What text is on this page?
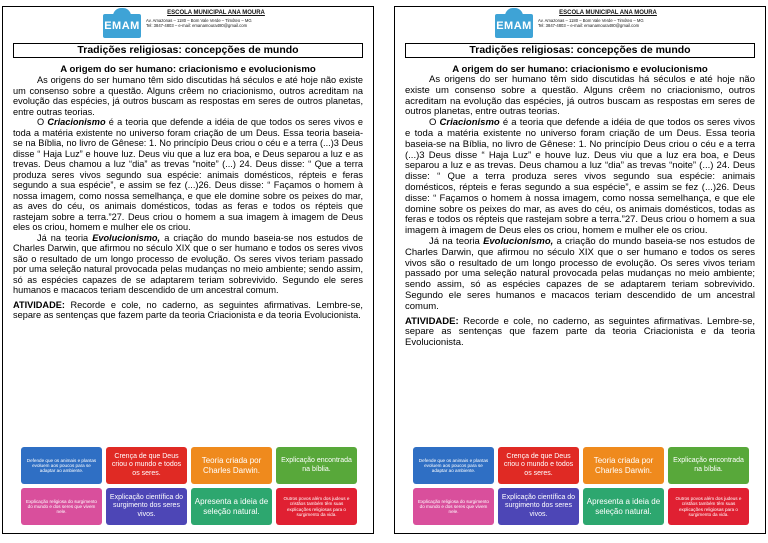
EMAM
ESCOLA MUNICIPAL ANA MOURA
Av. Amazonas – 1180 – Bom Vale Verde – Timóteo – MG
Tel: 3847-4803 – e-mail: emanamoura480@gmail.com
Tradições religiosas: concepções de mundo
A origem do ser humano: criacionismo e evolucionismo

As origens do ser humano têm sido discutidas há séculos e até hoje não existe um consenso sobre a questão. Alguns crêem no criacionismo, outros acreditam na evolução das espécies, já outros buscam as respostas em seres de outros planetas, entre outras teorias.

O Criacionismo é a teoria que defende a idéia de que todos os seres vivos e toda a matéria existente no universo foram criação de um Deus. Essa teoria baseia-se na Bíblia, no livro de Gênese: 1. No princípio Deus criou o céu e a terra (...)3 Deus disse “ Haja Luz” e houve luz. Deus viu que a luz era boa, e Deus separou a luz e as trevas. Deus chamou a luz “dia” as trevas “noite” (...) 24. Deus disse: “ Que a terra produza seres vivos segundo sua espécie: animais domésticos, répteis e feras segundo a sua espécie”, e assim se fez (...)26. Deus disse: “ Façamos o homem à nossa imagem, como nossa semelhança, e que ele domine sobre os peixes do mar, as aves do céu, os animais domésticos, todas as feras e todos os répteis que rastejam sobre a terra.”27. Deus criou o homem a sua imagem à imagem de Deus eles os criou, homem e mulher ele os criou.

Já na teoria Evolucionismo, a criação do mundo baseia-se nos estudos de Charles Darwin, que afirmou no século XIX que o ser humano e todos os seres vivos são o resultado de um longo processo de evolução. Os seres vivos teriam passado por uma seleção natural provocada pelas mudanças no meio ambiente; sendo assim, só as espécies capazes de se adaptarem teriam sobrevivido. Segundo ele seres humanos e macacos teriam descendido de um ancestral comum.

ATIVIDADE: Recorde e cole, no caderno, as seguintes afirmativas. Lembre-se, separe as sentenças que fazem parte da teoria Criacionista e da teoria Evolucionista.

Defende que os animais e plantas evoluem aos poucos para se adaptar ao ambiente.
Crença de que Deus criou o mundo e todos os seres.
Teoria criada por Charles Darwin.
Explicação encontrada na bíblia.
Explicação religiosa do surgimento do mundo e dos seres que vivem nele.
Explicação científica do surgimento dos seres vivos.
Apresenta a ideia de seleção natural.
Outros povos além dos judeus e cristãos também têm suas explicações religiosas para o surgimento da vida.
EMAM
ESCOLA MUNICIPAL ANA MOURA
Av. Amazonas – 1180 – Bom Vale Verde – Timóteo – MG
Tel: 3847-4803 – e-mail: emanamoura480@gmail.com
Tradições religiosas: concepções de mundo
A origem do ser humano: criacionismo e evolucionismo

As origens do ser humano têm sido discutidas há séculos e até hoje não existe um consenso sobre a questão. Alguns crêem no criacionismo, outros acreditam na evolução das espécies, já outros buscam as respostas em seres de outros planetas, entre outras teorias.

O Criacionismo é a teoria que defende a idéia de que todos os seres vivos e toda a matéria existente no universo foram criação de um Deus. Essa teoria baseia-se na Bíblia, no livro de Gênese: 1. No princípio Deus criou o céu e a terra (...)3 Deus disse “ Haja Luz” e houve luz. Deus viu que a luz era boa, e Deus separou a luz e as trevas. Deus chamou a luz “dia” as trevas “noite” (...) 24. Deus disse: “ Que a terra produza seres vivos segundo sua espécie: animais domésticos, répteis e feras segundo a sua espécie”, e assim se fez (...)26. Deus disse: “ Façamos o homem à nossa imagem, como nossa semelhança, e que ele domine sobre os peixes do mar, as aves do céu, os animais domésticos, todas as feras e todos os répteis que rastejam sobre a terra.”27. Deus criou o homem a sua imagem à imagem de Deus eles os criou, homem e mulher ele os criou.

Já na teoria Evolucionismo, a criação do mundo baseia-se nos estudos de Charles Darwin, que afirmou no século XIX que o ser humano e todos os seres vivos são o resultado de um longo processo de evolução. Os seres vivos teriam passado por uma seleção natural provocada pelas mudanças no meio ambiente; sendo assim, só as espécies capazes de se adaptarem teriam sobrevivido. Segundo ele seres humanos e macacos teriam descendido de um ancestral comum.

ATIVIDADE: Recorde e cole, no caderno, as seguintes afirmativas. Lembre-se, separe as sentenças que fazem parte da teoria Criacionista e da teoria Evolucionista.

Defende que os animais e plantas evoluem aos poucos para se adaptar ao ambiente.
Crença de que Deus criou o mundo e todos os seres.
Teoria criada por Charles Darwin.
Explicação encontrada na bíblia.
Explicação religiosa do surgimento do mundo e dos seres que vivem nele.
Explicação científica do surgimento dos seres vivos.
Apresenta a ideia de seleção natural.
Outros povos além dos judeus e cristãos também têm suas explicações religiosas para o surgimento da vida.
